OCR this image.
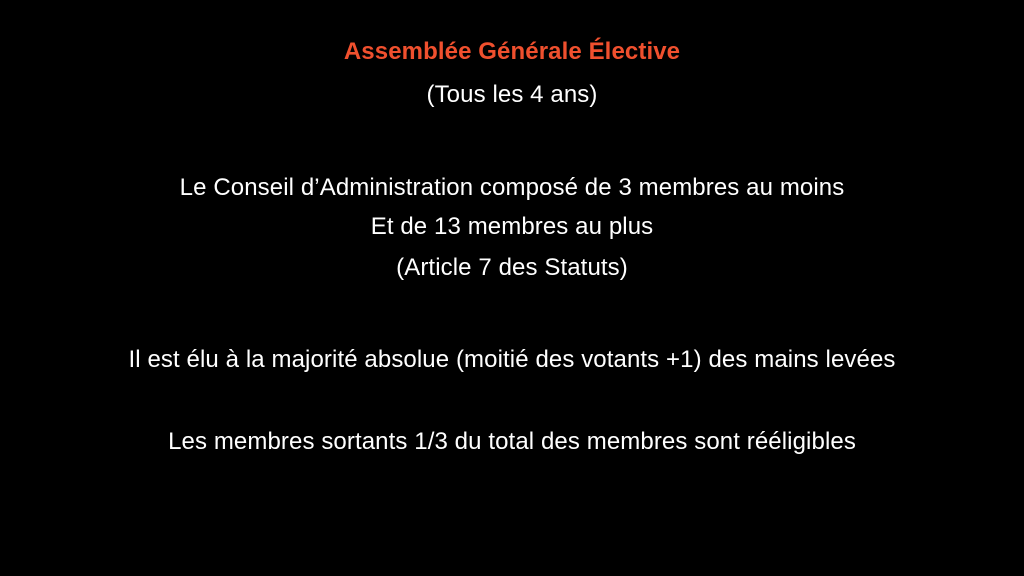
Assemblée Générale Élective
(Tous les 4 ans)
Le Conseil d’Administration composé de 3 membres au moins
Et de 13 membres au plus
(Article 7 des Statuts)
Il est élu à la majorité absolue (moitié des votants +1) des mains levées
Les membres sortants 1/3 du total des membres sont rééligibles
